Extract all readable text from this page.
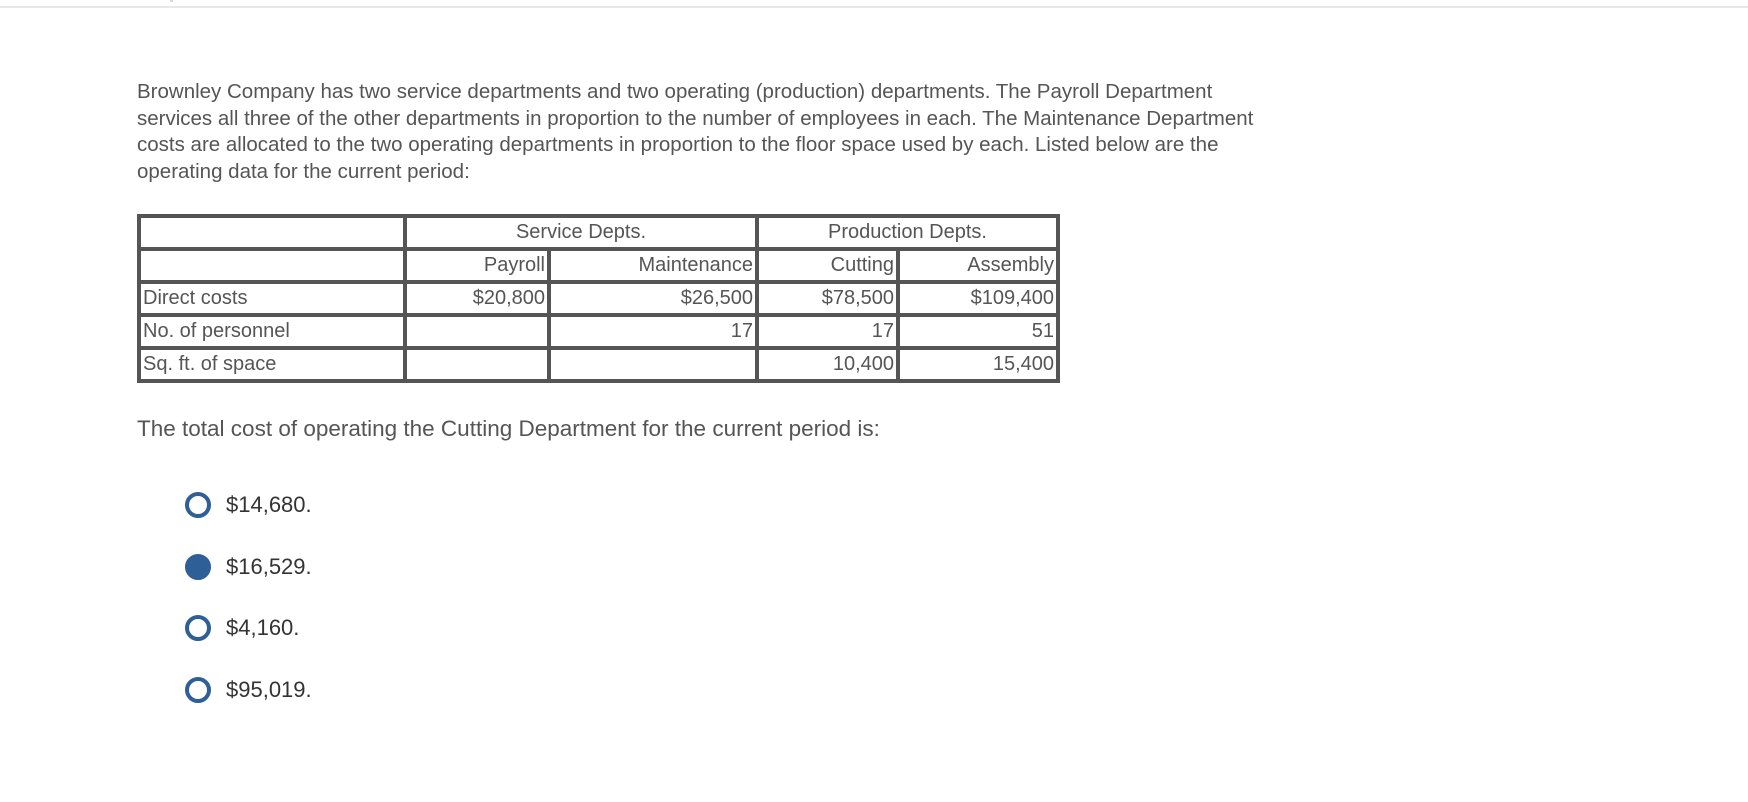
Brownley Company has two service departments and two operating (production) departments. The Payroll Department services all three of the other departments in proportion to the number of employees in each. The Maintenance Department costs are allocated to the two operating departments in proportion to the floor space used by each. Listed below are the operating data for the current period:

	Service Depts.		Production Depts.	
	Payroll	Maintenance	Cutting	Assembly
Direct costs	$20,800	$26,500	$78,500	$109,400
No. of personnel		17	17	51
Sq. ft. of space			10,400	15,400

The total cost of operating the Cutting Department for the current period is:

$14,680.
$16,529.
$4,160.
$95,019.
